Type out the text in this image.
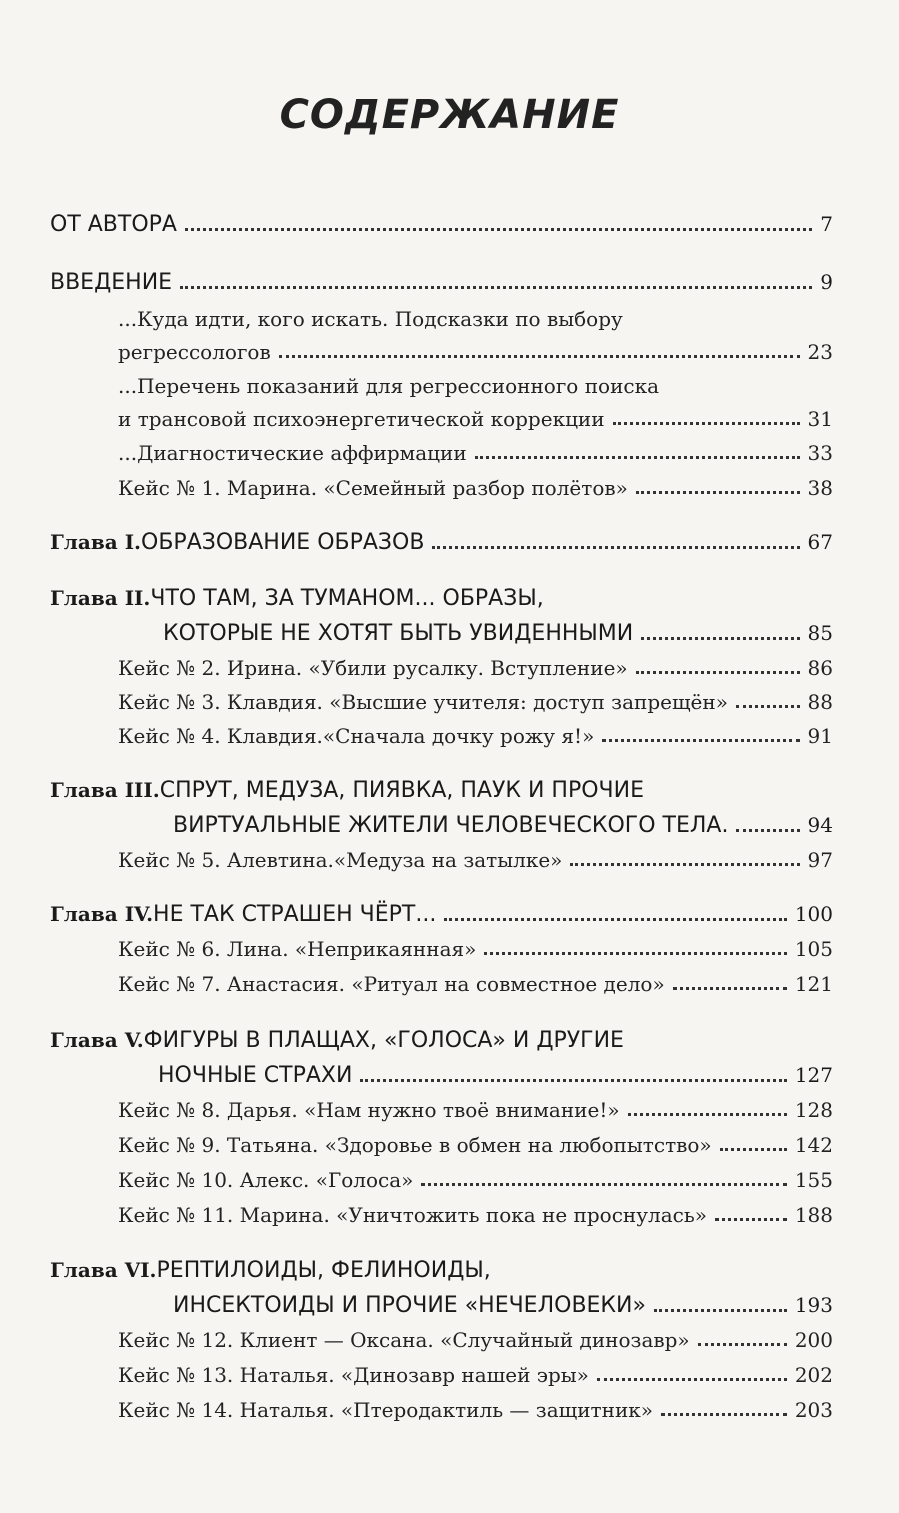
СОДЕРЖАНИЕ
ОТ АВТОРА	7
ВВЕДЕНИЕ	9
...Куда идти, кого искать. Подсказки по выбору
регрессологов	23
...Перечень показаний для регрессионного поиска
и трансовой психоэнергетической коррекции	31
...Диагностические аффирмации	33
Кейс № 1. Марина. «Семейный разбор полётов»	38
Глава I. ОБРАЗОВАНИЕ ОБРАЗОВ	67
Глава II. ЧТО ТАМ, ЗА ТУМАНОМ... ОБРАЗЫ,
КОТОРЫЕ НЕ ХОТЯТ БЫТЬ УВИДЕННЫМИ	85
Кейс № 2. Ирина. «Убили русалку. Вступление»	86
Кейс № 3. Клавдия. «Высшие учителя: доступ запрещён»	88
Кейс № 4. Клавдия.«Сначала дочку рожу я!»	91
Глава III. СПРУТ, МЕДУЗА, ПИЯВКА, ПАУК И ПРОЧИЕ
ВИРТУАЛЬНЫЕ ЖИТЕЛИ ЧЕЛОВЕЧЕСКОГО ТЕЛА.	94
Кейс № 5. Алевтина.«Медуза на затылке»	97
Глава IV. НЕ ТАК СТРАШЕН ЧЁРТ...	100
Кейс № 6. Лина. «Неприкаянная»	105
Кейс № 7. Анастасия. «Ритуал на совместное дело»	121
Глава V. ФИГУРЫ В ПЛАЩАХ, «ГОЛОСА» И ДРУГИЕ
НОЧНЫЕ СТРАХИ	127
Кейс № 8. Дарья. «Нам нужно твоё внимание!»	128
Кейс № 9. Татьяна. «Здоровье в обмен на любопытство»	142
Кейс № 10. Алекс. «Голоса»	155
Кейс № 11. Марина. «Уничтожить пока не проснулась»	188
Глава VI. РЕПТИЛОИДЫ, ФЕЛИНОИДЫ,
ИНСЕКТОИДЫ И ПРОЧИЕ «НЕЧЕЛОВЕКИ»	193
Кейс № 12. Клиент — Оксана. «Случайный динозавр»	200
Кейс № 13. Наталья. «Динозавр нашей эры»	202
Кейс № 14. Наталья. «Птеродактиль — защитник»	203
